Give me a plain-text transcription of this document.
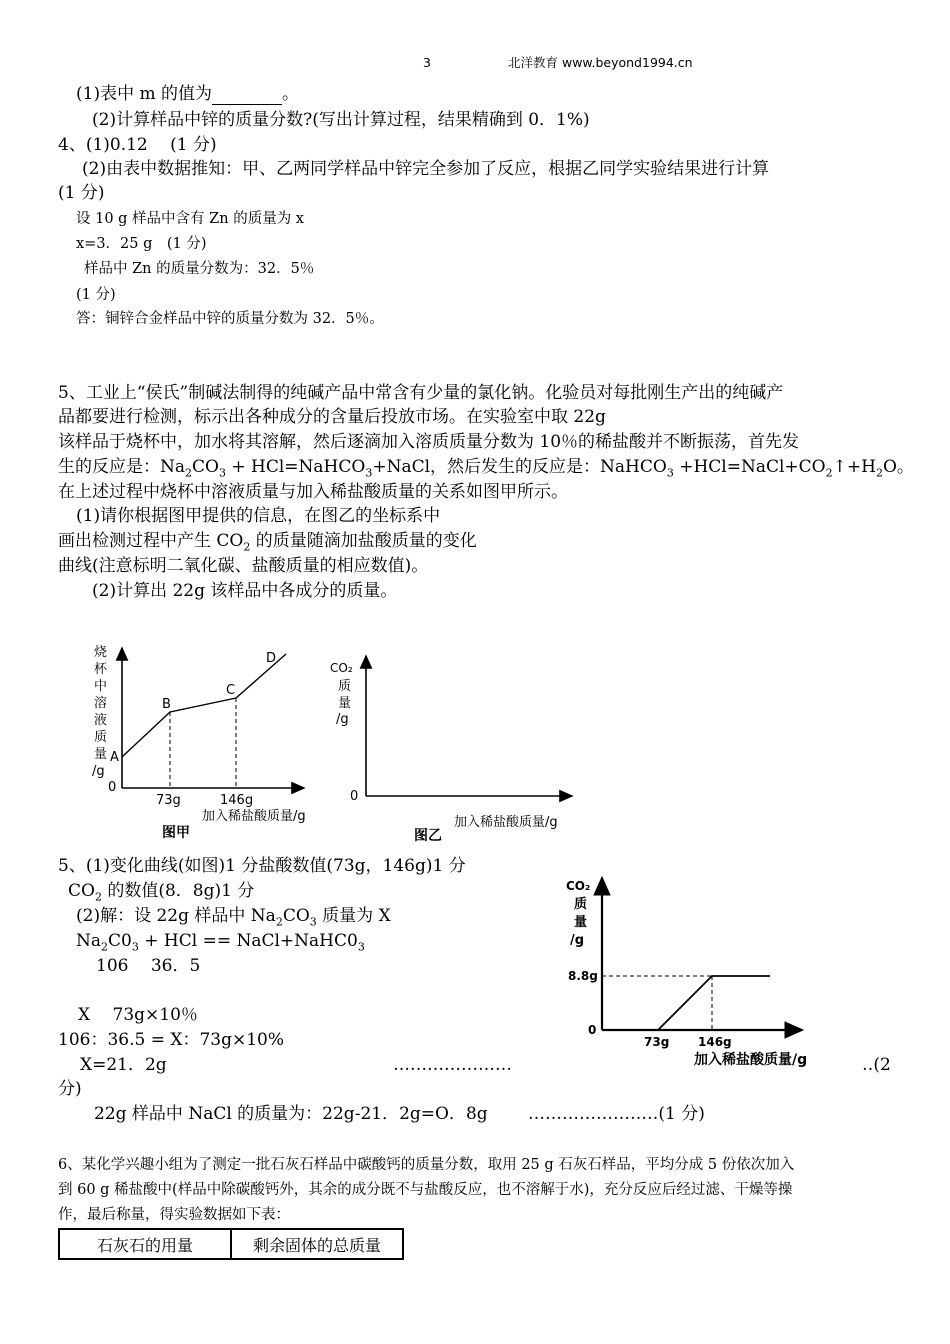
3	北洋教育 www.beyond1994.cn
(1)表中 m 的值为	。
(2)计算样品中锌的质量分数?(写出计算过程，结果精确到 0．1%)
4、(1)0.12　 (1 分)
(2)由表中数据推知：甲、乙两同学样品中锌完全参加了反应，根据乙同学实验结果进行计算
(1 分)
设 10 g 样品中含有 Zn 的质量为 x
x=3．25 g　(1 分)
样品中 Zn 的质量分数为：32．5％
(1 分)
答：铜锌合金样品中锌的质量分数为 32．5％。
5、工业上“侯氏”制碱法制得的纯碱产品中常含有少量的氯化钠。化验员对每批刚生产出的纯碱产
品都要进行检测，标示出各种成分的含量后投放市场。在实验室中取 22g
该样品于烧杯中，加水将其溶解，然后逐滴加入溶质质量分数为 10％的稀盐酸并不断振荡，首先发
生的反应是：$Na_2CO_3$ + HCl=NaHCO$_3$+NaCl，然后发生的反应是：NaHCO$_3$ $+HCl=NaCl+CO_2↑+H_2O$。
在上述过程中烧杯中溶液质量与加入稀盐酸质量的关系如图甲所示。
(1)请你根据图甲提供的信息，在图乙的坐标系中
画出检测过程中产生 $CO_2$ 的质量随滴加盐酸质量的变化
曲线(注意标明二氧化碳、盐酸质量的相应数值)。
(2)计算出 22g 该样品中各成分的质量。
烧
杯
中
溶
液
质
量
/g
0
A
B
C
D
73g	146g
加入稀盐酸质量/g
图甲
CO₂
质
量
/g
0
加入稀盐酸质量/g
图乙
5、(1)变化曲线(如图)1 分盐酸数值(73g，146g)1 分
$CO_2$ 的数值(8．8g)1 分
(2)解：设 22g 样品中 $Na_2CO_3$ 质量为 X
$Na_2C0_3$ + HCl == $NaCl+NaHC0_3$
106　 36．5
X　 73g×10％
106：36.5 = X：73g×10%
X=21．2g	…………………	‥(2
分)
22g 样品中 NaCl 的质量为：22g-21．2g=O．8g …………………‥(1 分)
CO₂
质
量
/g
8.8g
0
73g 146g
加入稀盐酸质量/g
6、某化学兴趣小组为了测定一批石灰石样品中碳酸钙的质量分数，取用 25 g 石灰石样品，平均分成 5 份依次加入
到 60 g 稀盐酸中(样品中除碳酸钙外，其余的成分既不与盐酸反应，也不溶解于水)，充分反应后经过滤、干燥等操
作，最后称量，得实验数据如下表：
石灰石的用量	剩余固体的总质量
